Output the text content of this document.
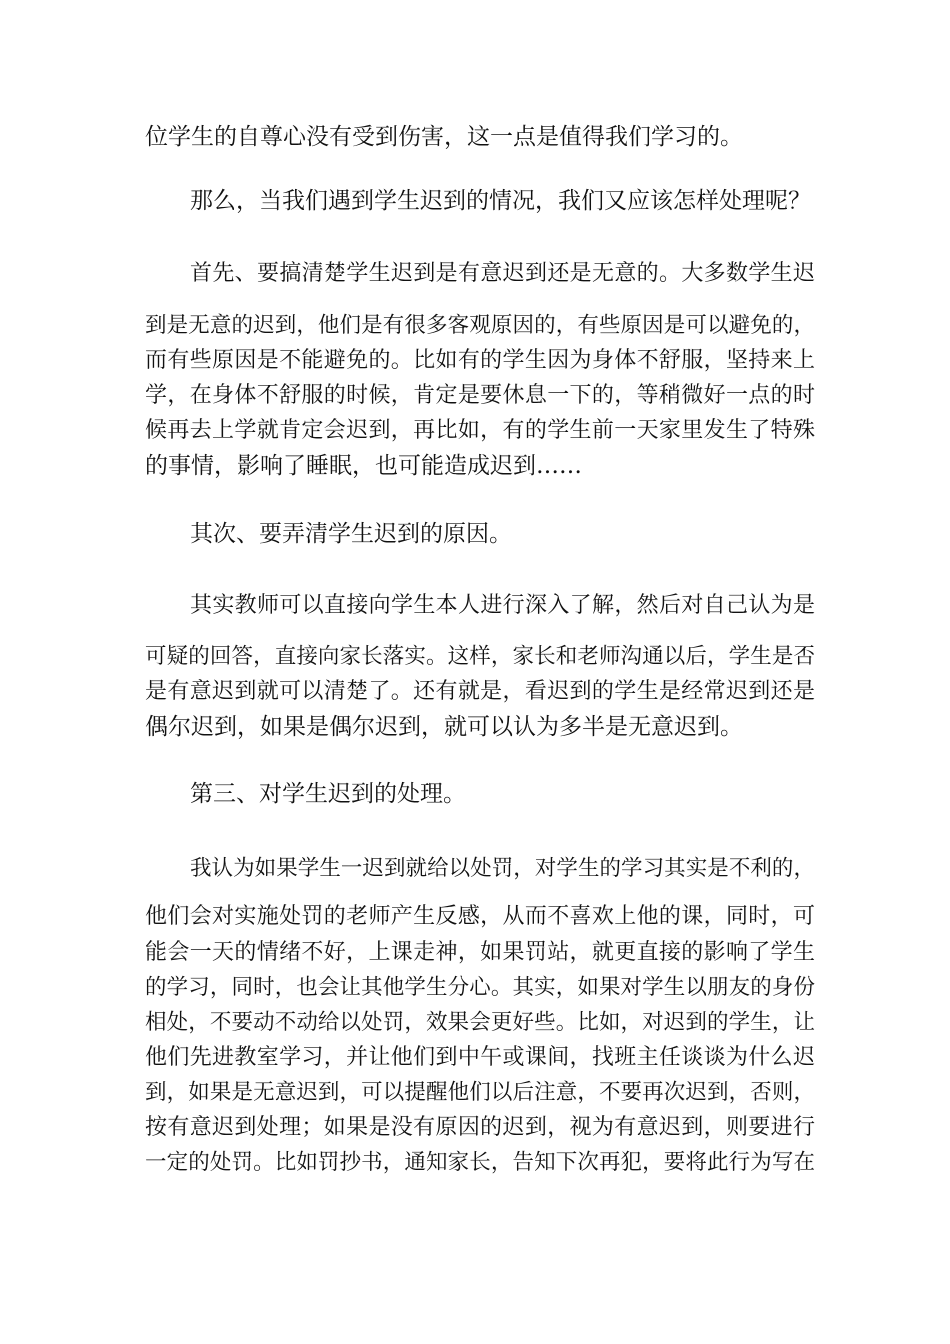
位学生的自尊心没有受到伤害，这一点是值得我们学习的。
那么，当我们遇到学生迟到的情况，我们又应该怎样处理呢？
首先、要搞清楚学生迟到是有意迟到还是无意的。大多数学生迟
到是无意的迟到，他们是有很多客观原因的，有些原因是可以避免的，
而有些原因是不能避免的。比如有的学生因为身体不舒服，坚持来上
学，在身体不舒服的时候，肯定是要休息一下的，等稍微好一点的时
候再去上学就肯定会迟到，再比如，有的学生前一天家里发生了特殊
的事情，影响了睡眠，也可能造成迟到……
其次、要弄清学生迟到的原因。
其实教师可以直接向学生本人进行深入了解，然后对自己认为是
可疑的回答，直接向家长落实。这样，家长和老师沟通以后，学生是否
是有意迟到就可以清楚了。还有就是，看迟到的学生是经常迟到还是
偶尔迟到，如果是偶尔迟到，就可以认为多半是无意迟到。
第三、对学生迟到的处理。
我认为如果学生一迟到就给以处罚，对学生的学习其实是不利的，
他们会对实施处罚的老师产生反感，从而不喜欢上他的课，同时，可
能会一天的情绪不好，上课走神，如果罚站，就更直接的影响了学生
的学习，同时，也会让其他学生分心。其实，如果对学生以朋友的身份
相处，不要动不动给以处罚，效果会更好些。比如，对迟到的学生，让
他们先进教室学习，并让他们到中午或课间，找班主任谈谈为什么迟
到，如果是无意迟到，可以提醒他们以后注意，不要再次迟到，否则，
按有意迟到处理；如果是没有原因的迟到，视为有意迟到，则要进行
一定的处罚。比如罚抄书，通知家长，告知下次再犯，要将此行为写在
